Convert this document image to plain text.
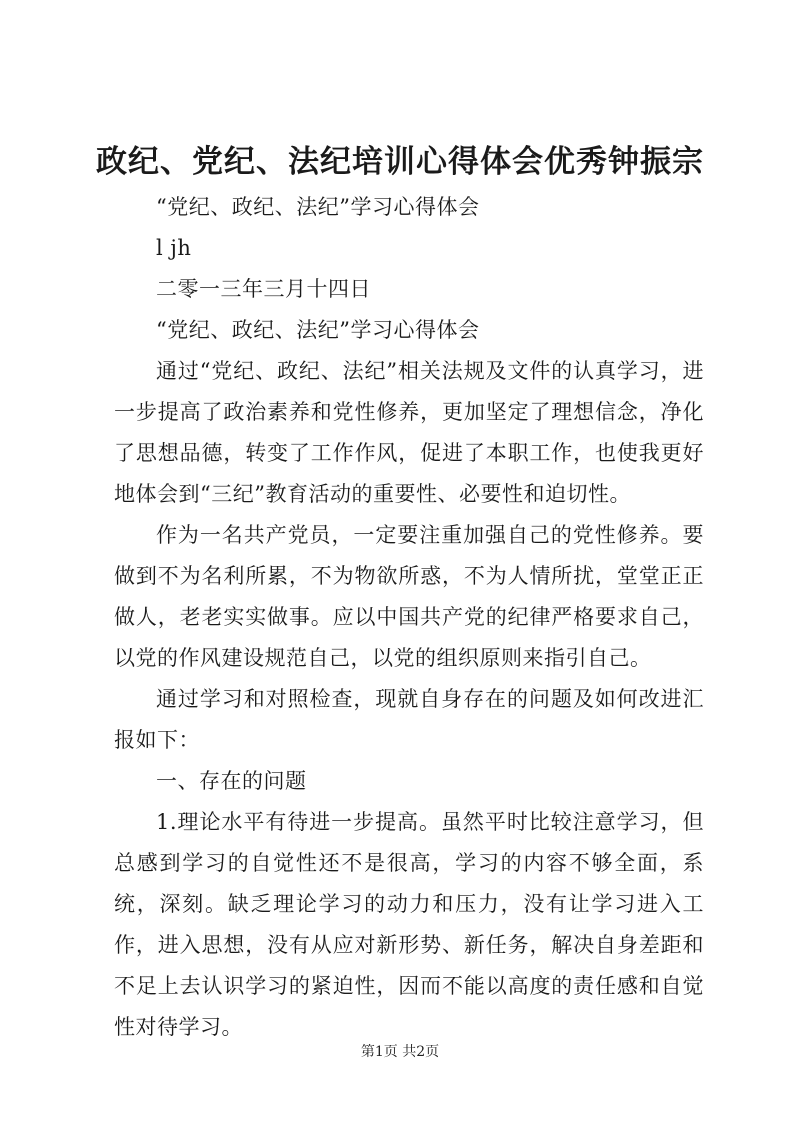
政纪、党纪、法纪培训心得体会优秀钟振宗

“党纪、政纪、法纪”学习心得体会

l jh

二零一三年三月十四日

“党纪、政纪、法纪”学习心得体会

通过“党纪、政纪、法纪”相关法规及文件的认真学习，进一步提高了政治素养和党性修养，更加坚定了理想信念，净化了思想品德，转变了工作作风，促进了本职工作，也使我更好地体会到“三纪”教育活动的重要性、必要性和迫切性。

作为一名共产党员，一定要注重加强自己的党性修养。要做到不为名利所累，不为物欲所惑，不为人情所扰，堂堂正正做人，老老实实做事。应以中国共产党的纪律严格要求自己，以党的作风建设规范自己，以党的组织原则来指引自己。

通过学习和对照检查，现就自身存在的问题及如何改进汇报如下：

一、存在的问题

1.理论水平有待进一步提高。虽然平时比较注意学习，但总感到学习的自觉性还不是很高，学习的内容不够全面，系统，深刻。缺乏理论学习的动力和压力，没有让学习进入工作，进入思想，没有从应对新形势、新任务，解决自身差距和不足上去认识学习的紧迫性，因而不能以高度的责任感和自觉性对待学习。

第1页 共2页
